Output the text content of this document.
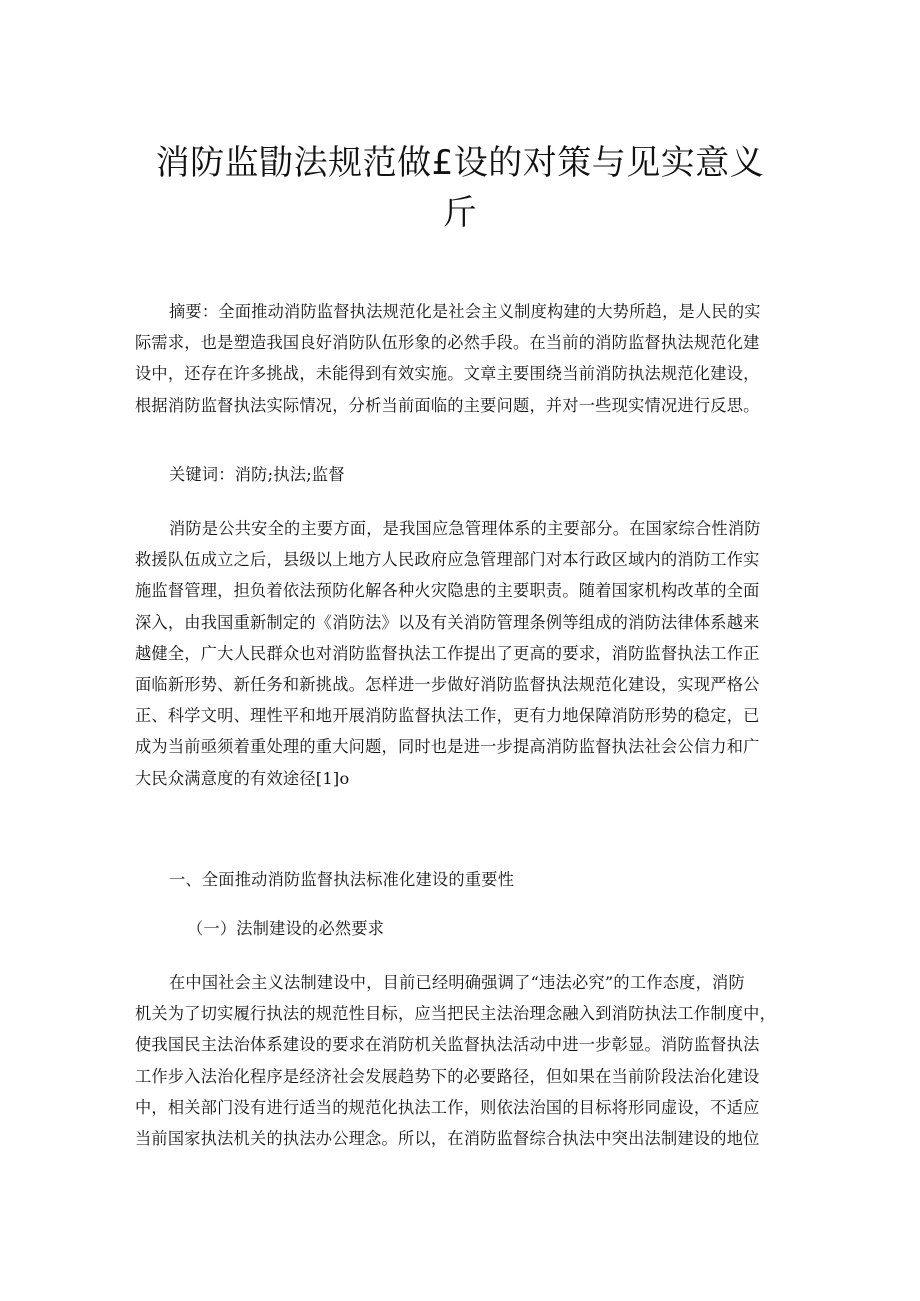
消防监勖法规范做£设的对策与见实意义
斤
摘要：全面推动消防监督执法规范化是社会主义制度构建的大势所趋，是人民的实
际需求，也是塑造我国良好消防队伍形象的必然手段。在当前的消防监督执法规范化建
设中，还存在许多挑战，未能得到有效实施。文章主要围绕当前消防执法规范化建设，
根据消防监督执法实际情况，分析当前面临的主要问题，并对一些现实情况进行反思。
关键词：消防;执法;监督
消防是公共安全的主要方面，是我国应急管理体系的主要部分。在国家综合性消防
救援队伍成立之后，县级以上地方人民政府应急管理部门对本行政区域内的消防工作实
施监督管理，担负着依法预防化解各种火灾隐患的主要职责。随着国家机构改革的全面
深入，由我国重新制定的《消防法》以及有关消防管理条例等组成的消防法律体系越来
越健全，广大人民群众也对消防监督执法工作提出了更高的要求，消防监督执法工作正
面临新形势、新任务和新挑战。怎样进一步做好消防监督执法规范化建设，实现严格公
正、科学文明、理性平和地开展消防监督执法工作，更有力地保障消防形势的稳定，已
成为当前亟须着重处理的重大问题，同时也是进一步提高消防监督执法社会公信力和广
大民众满意度的有效途径[1]o
一、全面推动消防监督执法标准化建设的重要性
（一）法制建设的必然要求
在中国社会主义法制建设中，目前已经明确强调了“违法必究”的工作态度，消防
机关为了切实履行执法的规范性目标，应当把民主法治理念融入到消防执法工作制度中，
使我国民主法治体系建设的要求在消防机关监督执法活动中进一步彰显。消防监督执法
工作步入法治化程序是经济社会发展趋势下的必要路径，但如果在当前阶段法治化建设
中，相关部门没有进行适当的规范化执法工作，则依法治国的目标将形同虚设，不适应
当前国家执法机关的执法办公理念。所以，在消防监督综合执法中突出法制建设的地位
